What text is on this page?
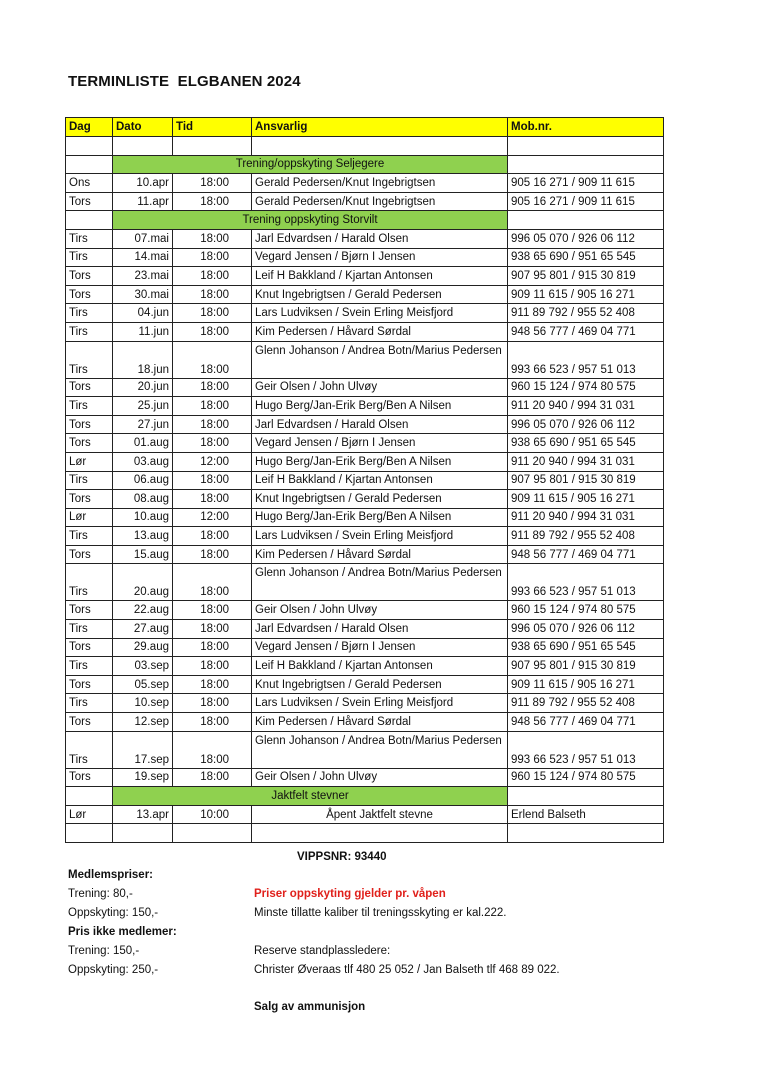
TERMINLISTE  ELGBANEN 2024
Dag	Dato	Tid	Ansvarlig	Mob.nr.

	Trening/oppskyting Seljegere			
Ons	10.apr	18:00	Gerald Pedersen/Knut Ingebrigtsen	905 16 271 / 909 11 615
Tors	11.apr	18:00	Gerald Pedersen/Knut Ingebrigtsen	905 16 271 / 909 11 615
	Trening oppskyting Storvilt			
Tirs	07.mai	18:00	Jarl Edvardsen / Harald Olsen	996 05 070 / 926 06 112
Tirs	14.mai	18:00	Vegard Jensen / Bjørn I Jensen	938 65 690 / 951 65 545
Tors	23.mai	18:00	Leif H Bakkland / Kjartan Antonsen	907 95 801 / 915 30 819
Tors	30.mai	18:00	Knut Ingebrigtsen / Gerald Pedersen	909 11 615 / 905 16 271
Tirs	04.jun	18:00	Lars Ludviksen / Svein Erling Meisfjord	911 89 792 / 955 52 408
Tirs	11.jun	18:00	Kim Pedersen / Håvard Sørdal	948 56 777 / 469 04 771
Tirs	18.jun	18:00	Glenn Johanson / Andrea Botn/Marius Pedersen	993 66 523 / 957 51 013
Tors	20.jun	18:00	Geir Olsen / John Ulvøy	960 15 124 / 974 80 575
Tirs	25.jun	18:00	Hugo Berg/Jan-Erik Berg/Ben A Nilsen	911 20 940 / 994 31 031
Tors	27.jun	18:00	Jarl Edvardsen / Harald Olsen	996 05 070 / 926 06 112
Tors	01.aug	18:00	Vegard Jensen / Bjørn I Jensen	938 65 690 / 951 65 545
Lør	03.aug	12:00	Hugo Berg/Jan-Erik Berg/Ben A Nilsen	911 20 940 / 994 31 031
Tirs	06.aug	18:00	Leif H Bakkland / Kjartan Antonsen	907 95 801 / 915 30 819
Tors	08.aug	18:00	Knut Ingebrigtsen / Gerald Pedersen	909 11 615 / 905 16 271
Lør	10.aug	12:00	Hugo Berg/Jan-Erik Berg/Ben A Nilsen	911 20 940 / 994 31 031
Tirs	13.aug	18:00	Lars Ludviksen / Svein Erling Meisfjord	911 89 792 / 955 52 408
Tors	15.aug	18:00	Kim Pedersen / Håvard Sørdal	948 56 777 / 469 04 771
Tirs	20.aug	18:00	Glenn Johanson / Andrea Botn/Marius Pedersen	993 66 523 / 957 51 013
Tors	22.aug	18:00	Geir Olsen / John Ulvøy	960 15 124 / 974 80 575
Tirs	27.aug	18:00	Jarl Edvardsen / Harald Olsen	996 05 070 / 926 06 112
Tors	29.aug	18:00	Vegard Jensen / Bjørn I Jensen	938 65 690 / 951 65 545
Tirs	03.sep	18:00	Leif H Bakkland / Kjartan Antonsen	907 95 801 / 915 30 819
Tors	05.sep	18:00	Knut Ingebrigtsen / Gerald Pedersen	909 11 615 / 905 16 271
Tirs	10.sep	18:00	Lars Ludviksen / Svein Erling Meisfjord	911 89 792 / 955 52 408
Tors	12.sep	18:00	Kim Pedersen / Håvard Sørdal	948 56 777 / 469 04 771
Tirs	17.sep	18:00	Glenn Johanson / Andrea Botn/Marius Pedersen	993 66 523 / 957 51 013
Tors	19.sep	18:00	Geir Olsen / John Ulvøy	960 15 124 / 974 80 575
	Jaktfelt stevner			
Lør	13.apr	10:00	Åpent Jaktfelt stevne	Erlend Balseth

VIPPSNR: 93440
Medlemspriser:
Trening: 80,-
Oppskyting: 150,-
Pris ikke medlemer:
Trening: 150,-
Oppskyting: 250,-
Priser oppskyting gjelder pr. våpen
Minste tillatte kaliber til treningsskyting er kal.222.
Reserve standplassledere:
Christer Øveraas tlf 480 25 052 / Jan Balseth tlf 468 89 022.
Salg av ammunisjon
